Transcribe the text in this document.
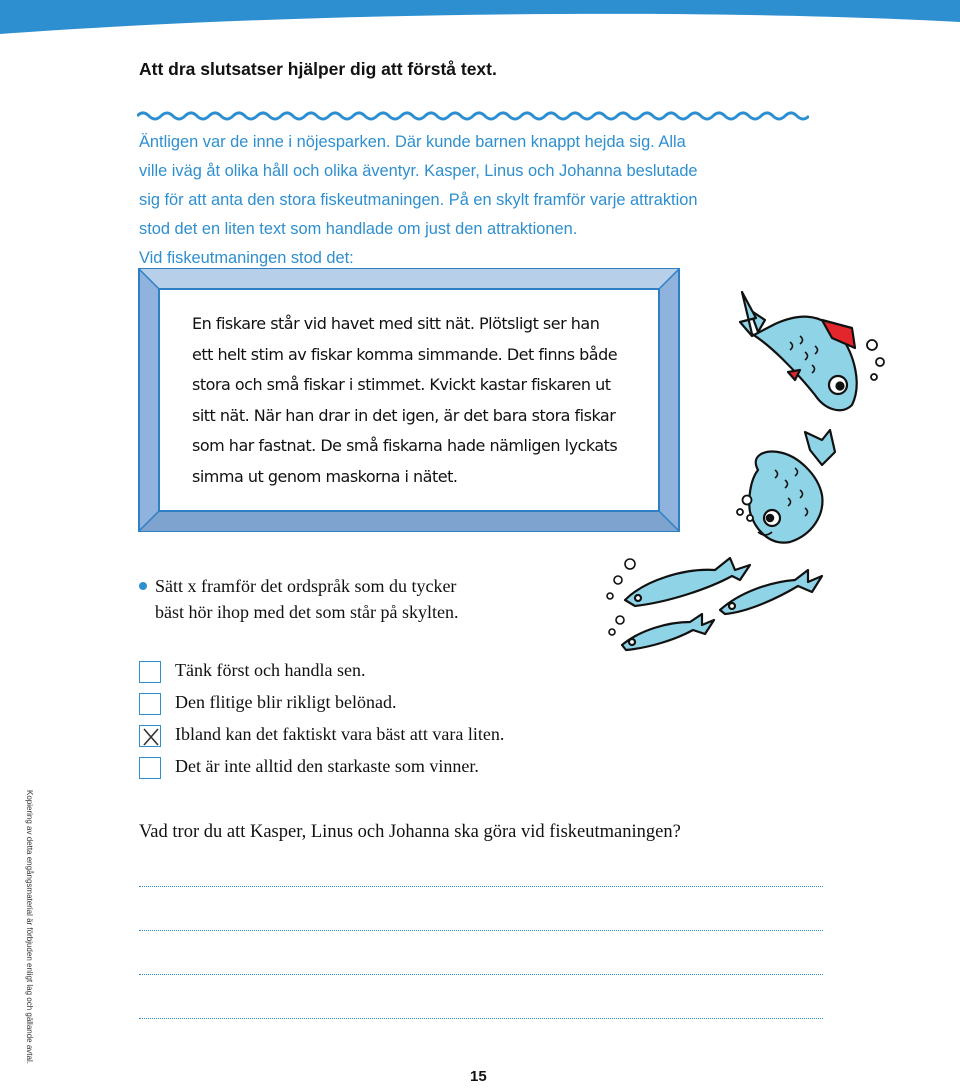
Att dra slutsatser hjälper dig att förstå text.
Äntligen var de inne i nöjesparken. Där kunde barnen knappt hejda sig. Alla
ville iväg åt olika håll och olika äventyr. Kasper, Linus och Johanna beslutade
sig för att anta den stora fiskeutmaningen. På en skylt framför varje attraktion
stod det en liten text som handlade om just den attraktionen.
Vid fiskeutmaningen stod det:
En fiskare står vid havet med sitt nät. Plötsligt ser han
ett helt stim av fiskar komma simmande. Det finns både
stora och små fiskar i stimmet. Kvickt kastar fiskaren ut
sitt nät. När han drar in det igen, är det bara stora fiskar
som har fastnat. De små fiskarna hade nämligen lyckats
simma ut genom maskorna i nätet.
Sätt x framför det ordspråk som du tycker
bäst hör ihop med det som står på skylten.
Tänk först och handla sen.
Den flitige blir rikligt belönad.
Ibland kan det faktiskt vara bäst att vara liten.
Det är inte alltid den starkaste som vinner.
Vad tror du att Kasper, Linus och Johanna ska göra vid fiskeutmaningen?
Kopiering av detta engångsmaterial är förbjuden enligt lag och gällande avtal.
15
